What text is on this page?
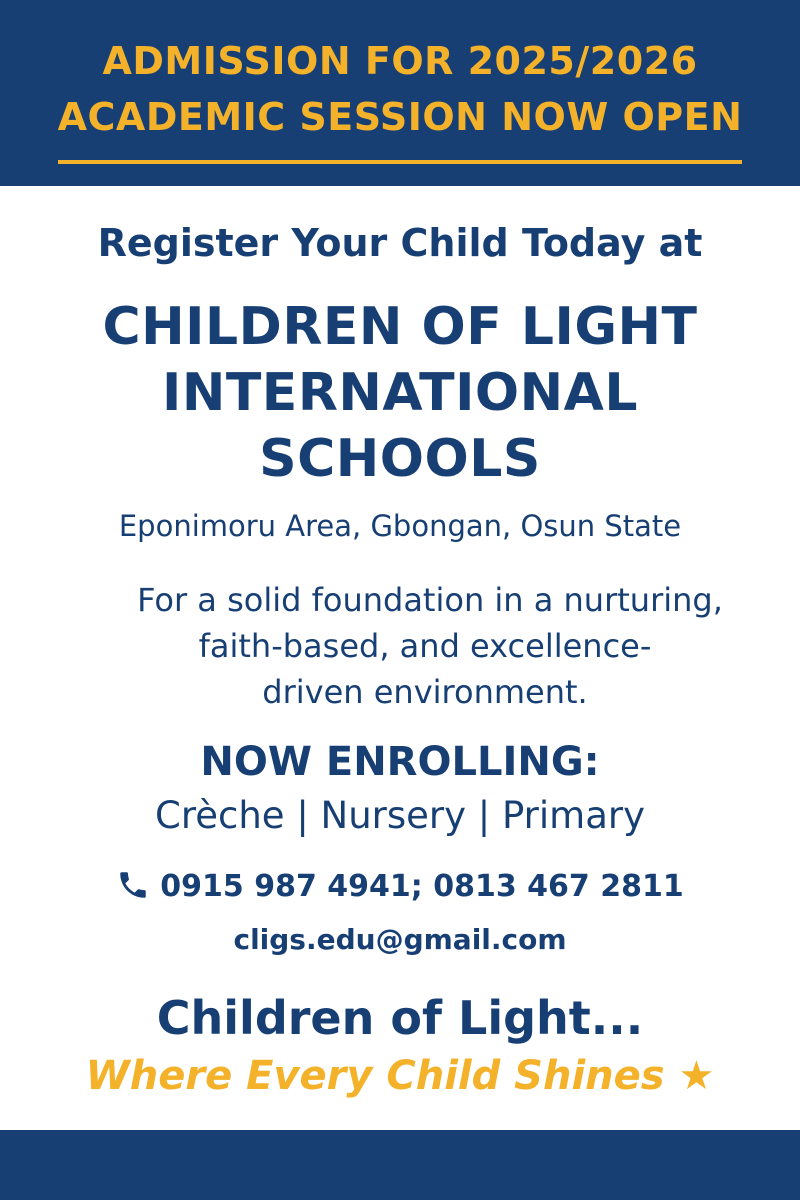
ADMISSION FOR 2025/2026
ACADEMIC SESSION NOW OPEN
Register Your Child Today at
CHILDREN OF LIGHT
INTERNATIONAL
SCHOOLS
Eponimoru Area, Gbongan, Osun State
For a solid foundation in a nurturing,
faith-based, and excellence-
driven environment.
NOW ENROLLING:
Crèche | Nursery | Primary
0915 987 4941; 0813 467 2811
cligs.edu@gmail.com
Children of Light...
Where Every Child Shines ★
